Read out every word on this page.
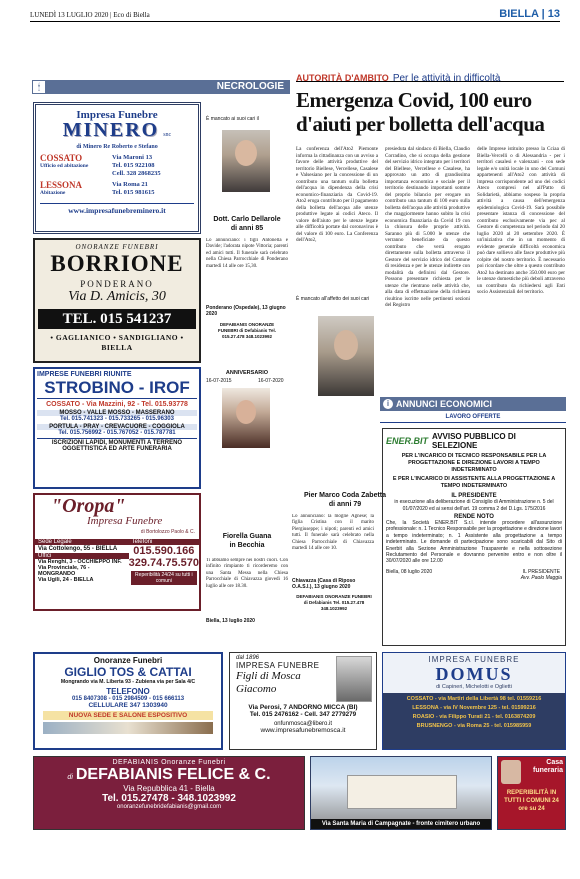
LUNEDÌ 13 LUGLIO 2020 | Eco di Biella	BIELLA | 13
NECROLOGIE
🕯
Impresa Funebre
MINERO snc
di Minero Re Roberto e Stefano
COSSATO
Ufficio ed abitazione
Via Maroni 13
Tel. 015 922108
Cell. 328 2868235
LESSONA
Abitazione
Via Roma 21
Tel. 015 981615
www.impresafunebreminero.it
ONORANZE FUNEBRI
BORRIONE
PONDERANO
Via D. Amicis, 30
TEL. 015 541237
• GAGLIANICO • SANDIGLIANO • BIELLA
IMPRESE FUNEBRI RIUNITE
STROBINO - IROF
COSSATO - Via Mazzini, 92 - Tel. 015.93778
MOSSO - VALLE MOSSO - MASSERANO
Tel. 015.741323 - 015.733265 - 015.96303
PORTULA - PRAY - CREVACUORE - COGGIOLA
Tel. 015.756992 - 015.767052 - 015.787781
ISCRIZIONI LAPIDI, MONUMENTI A TERRENO OGGETTISTICA ED ARTE FUNERARIA
"Oropa"
Impresa Funebre
di Bortolozzo Paolo & C.
Sede Legale
Via Cottolengo, 55 - BIELLA
Uffici
Via Renghi, 3 - OCCHIEPPO INF.
Via Provinciale, 76 - MONGRANDO
Via Ugili, 24 - BIELLA
Telefoni
015.590.166
329.74.75.570
Reperibilità 24/24 su tutti i comuni
È mancato ai suoi cari il
Dott. Carlo Dellarole
di anni 85
Lo annunciano: i figli Antonella e Davide; l'adorata nipote Vittoria; parenti ed amici tutti. Il funerale sarà celebrato nella Chiesa Parrocchiale di Ponderano martedì 14 alle ore 15,30.
Ponderano (Ospedale), 13 giugno 2020
DEFABIANIS ONORANZE FUNEBRI di Defabianis Tel. 015.27.478 348.1023992
ANNIVERSARIO
16-07-2015	16-07-2020
Fiorella Guana
in Becchia
Ti abbiamo sempre nei nostri cuori. Con infinito rimpianto ti ricorderemo con una Santa Messa nella Chiesa Parrocchiale di Chiavazza giovedì 16 luglio alle ore 18.30.
Biella, 13 luglio 2020
È mancato all'affetto dei suoi cari
Pier Marco Coda Zabetta
di anni 79
Lo annunciano: la moglie Agnese; la figlia Cristina con il marito Piergiuseppe; i nipoti; parenti ed amici tutti. Il funerale sarà celebrato nella Chiesa Parrocchiale di Chiavazza martedì 14 alle ore 10.
Chiavazza (Casa di Riposo O.A.S.I.), 13 giugno 2020
DEFABIANIS ONORANZE FUNEBRI di Defabianis Tel. 015.27.478 348.1023992
AUTORITÀ D'AMBITO Per le attività in difficoltà
Emergenza Covid, 100 euro
d'aiuti per bolletta dell'acqua
La conferenza dell'Ato2 Piemonte informa la cittadinanza con un avviso a favore delle attività produttive del territorio Biellese, Vercellese, Casalese e Valsesiano per la concessione di un contributo una tantum sulla bolletta dell'acqua in dipendenza della crisi economico-finanziaria da Covid-19. Ato2 eroga contributo per il pagamento della bolletta dell'acqua alle utenze produttive legate ai codici Ateco. Il valore dell'aiuto per le utenze legate alle difficoltà portate dal coronavirus è del valore di 100 euro. La Conferenza dell'Ato2,
presieduta dal sindaco di Biella, Claudio Corradino, che si occupa della gestione del servizio idrico integrato per i territori del Biellese, Vercellese e Casalese, ha approvato un atto di grandissima importanza economica e sociale per il territorio destinando importanti somme del proprio bilancio per erogare un contributo una tantum di 100 euro sulla bolletta dell'acqua alle attività produttive che maggiormente hanno subito la crisi economica finanziaria da Covid 19 con la chiusura delle proprie attività. Saranno più di 5.000 le utenze che verranno beneficiate da questo contributo che verrà erogato direttamente sulla bolletta attraverso il Gestore del servizio idrico del Comune di residenza e per le utenze indirette con modalità da definirsi dal Gestore. Possono presentare richiesta per le utenze che rientrano nelle attività che, alla data di effettuazione della richiesta risultino iscritte nelle pertinenti sezioni del Registro
delle Imprese istituito presso la Cciaa di Biella-Vercelli o di Alessandria - per i territori casalesi e valenzani - con sede legale e/o unità locale in uno dei Comuni appartenenti all'Ato2 con attività di impresa corrispondente ad uno dei codici Ateco compresi nel all'Patto di Solidarietà, abbiamo sospeso la propria attività a causa dell'emergenza epidemiologica Covid-19. Sarà possibile presentare istanza di concessione del contributo esclusivamente via pec al Gestore di competenza nel periodo dal 20 luglio 2020 al 20 settembre 2020. È un'iniziativa che in un momento di evidente generale difficoltà economica può dare sollievo alle fasce produttive più colpite del nostro territorio. È necessario poi ricordare che oltre a questo contributo Ato2 ha destinato anche 350.000 euro per le utenze domestiche più deboli attraverso un contributo da richiedersi agli Enti socio Assistenziali del territorio.
i ANNUNCI ECONOMICI
LAVORO OFFERTE
ENER.BIT AVVISO PUBBLICO DI SELEZIONE
PER L'INCARICO DI TECNICO RESPONSABILE PER LA PROGETTAZIONE E DIREZIONE LAVORI A TEMPO INDETERMINATO
E PER L'INCARICO DI ASSISTENTE ALLA PROGETTAZIONE A TEMPO INDETERMINATO
IL PRESIDENTE
in esecuzione alla deliberazione di Consiglio di Amministrazione n. 5 del 01/07/2020 ed ai sensi dell'art. 19 comma 2 del D.Lgs. 175/2016
RENDE NOTO
Che, la Società ENER.BIT S.r.l. intende procedere all'assunzione professionale: n. 1 Tecnico Responsabile per la progettazione e direzione lavori a tempo indeterminato; n. 1 Assistente alla progettazione a tempo indeterminato. Le domande di partecipazione sono scaricabili dal Sito di Enerbit alla Sezione Amministrazione Trasparente e nella sottosezione Reclutamento del Personale e dovranno pervenire entro e non oltre il 30/07/2020 alle ore 12.00
Biella, 08 luglio 2020	IL PRESIDENTE
Avv. Paolo Maggia
Onoranze Funebri
GIGLIO TOS & CATTAI
Mongrando via M. Liberta 93 - Zubiena via per Sala 4/C
TELEFONO
015 8407308 - 015 2984509 - 015 666113
CELLULARE 347 1303940
NUOVA SEDE E SALONE ESPOSITIVO
dal 1896
IMPRESA FUNEBRE
Figli di Mosca Giacomo
Via Perosi, 7 ANDORNO MICCA (BI)
Tel. 015 2476162 - Cell. 347 2779279
onfunmosca@libero.it
www.impresafunebremosca.it
IMPRESA FUNEBRE
DOMUS
di Capineri, Michelotti e Oglietti
COSSATO - via Martiri della Libertà 98 tel. 01559216
LESSONA - via IV Novembre 125 - tel. 01599216
ROASIO - via Filippo Turati 21 - tel. 0163874209
BRUSNENGO - via Roma 25 - tel. 015985959
DEFABIANIS Onoranze Funebri
di DEFABIANIS FELICE & C.
Via Repubblica 41 - Biella
Tel. 015.27478 - 348.1023992
onoranzefunebridefabianis@gmail.com
Via Santa Maria di Campagnate - fronte cimitero urbano
Casa funeraria
REPERIBILITÀ IN TUTTI I COMUNI 24 ore su 24
